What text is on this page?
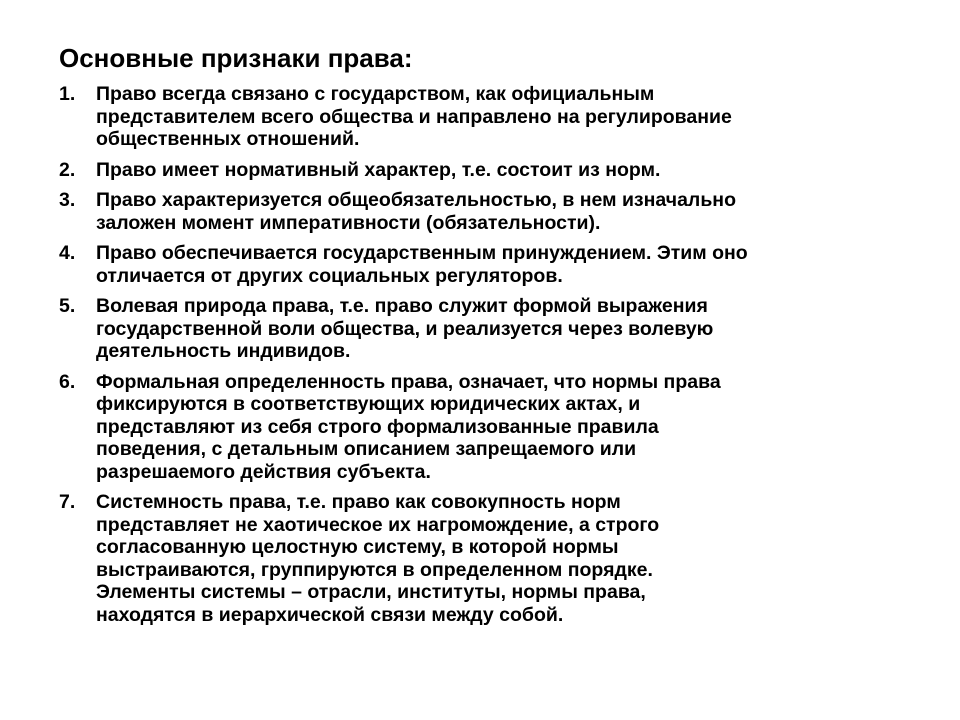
Основные признаки права:
1. Право всегда связано с государством, как официальным
представителем всего общества и направлено на регулирование
общественных отношений.
2. Право имеет нормативный характер, т.е. состоит из норм.
3. Право характеризуется общеобязательностью, в нем изначально
заложен момент императивности (обязательности).
4. Право обеспечивается государственным принуждением. Этим оно
отличается от других социальных регуляторов.
5. Волевая природа права, т.е. право служит формой выражения
государственной воли общества, и реализуется через волевую
деятельность индивидов.
6. Формальная определенность права, означает, что нормы права
фиксируются в соответствующих юридических актах, и
представляют из себя строго формализованные правила
поведения, с детальным описанием запрещаемого или
разрешаемого действия субъекта.
7. Системность права, т.е. право как совокупность норм
представляет не хаотическое их нагромождение, а строго
согласованную целостную систему, в которой нормы
выстраиваются, группируются в определенном порядке.
Элементы системы – отрасли, институты, нормы права,
находятся в иерархической связи между собой.
